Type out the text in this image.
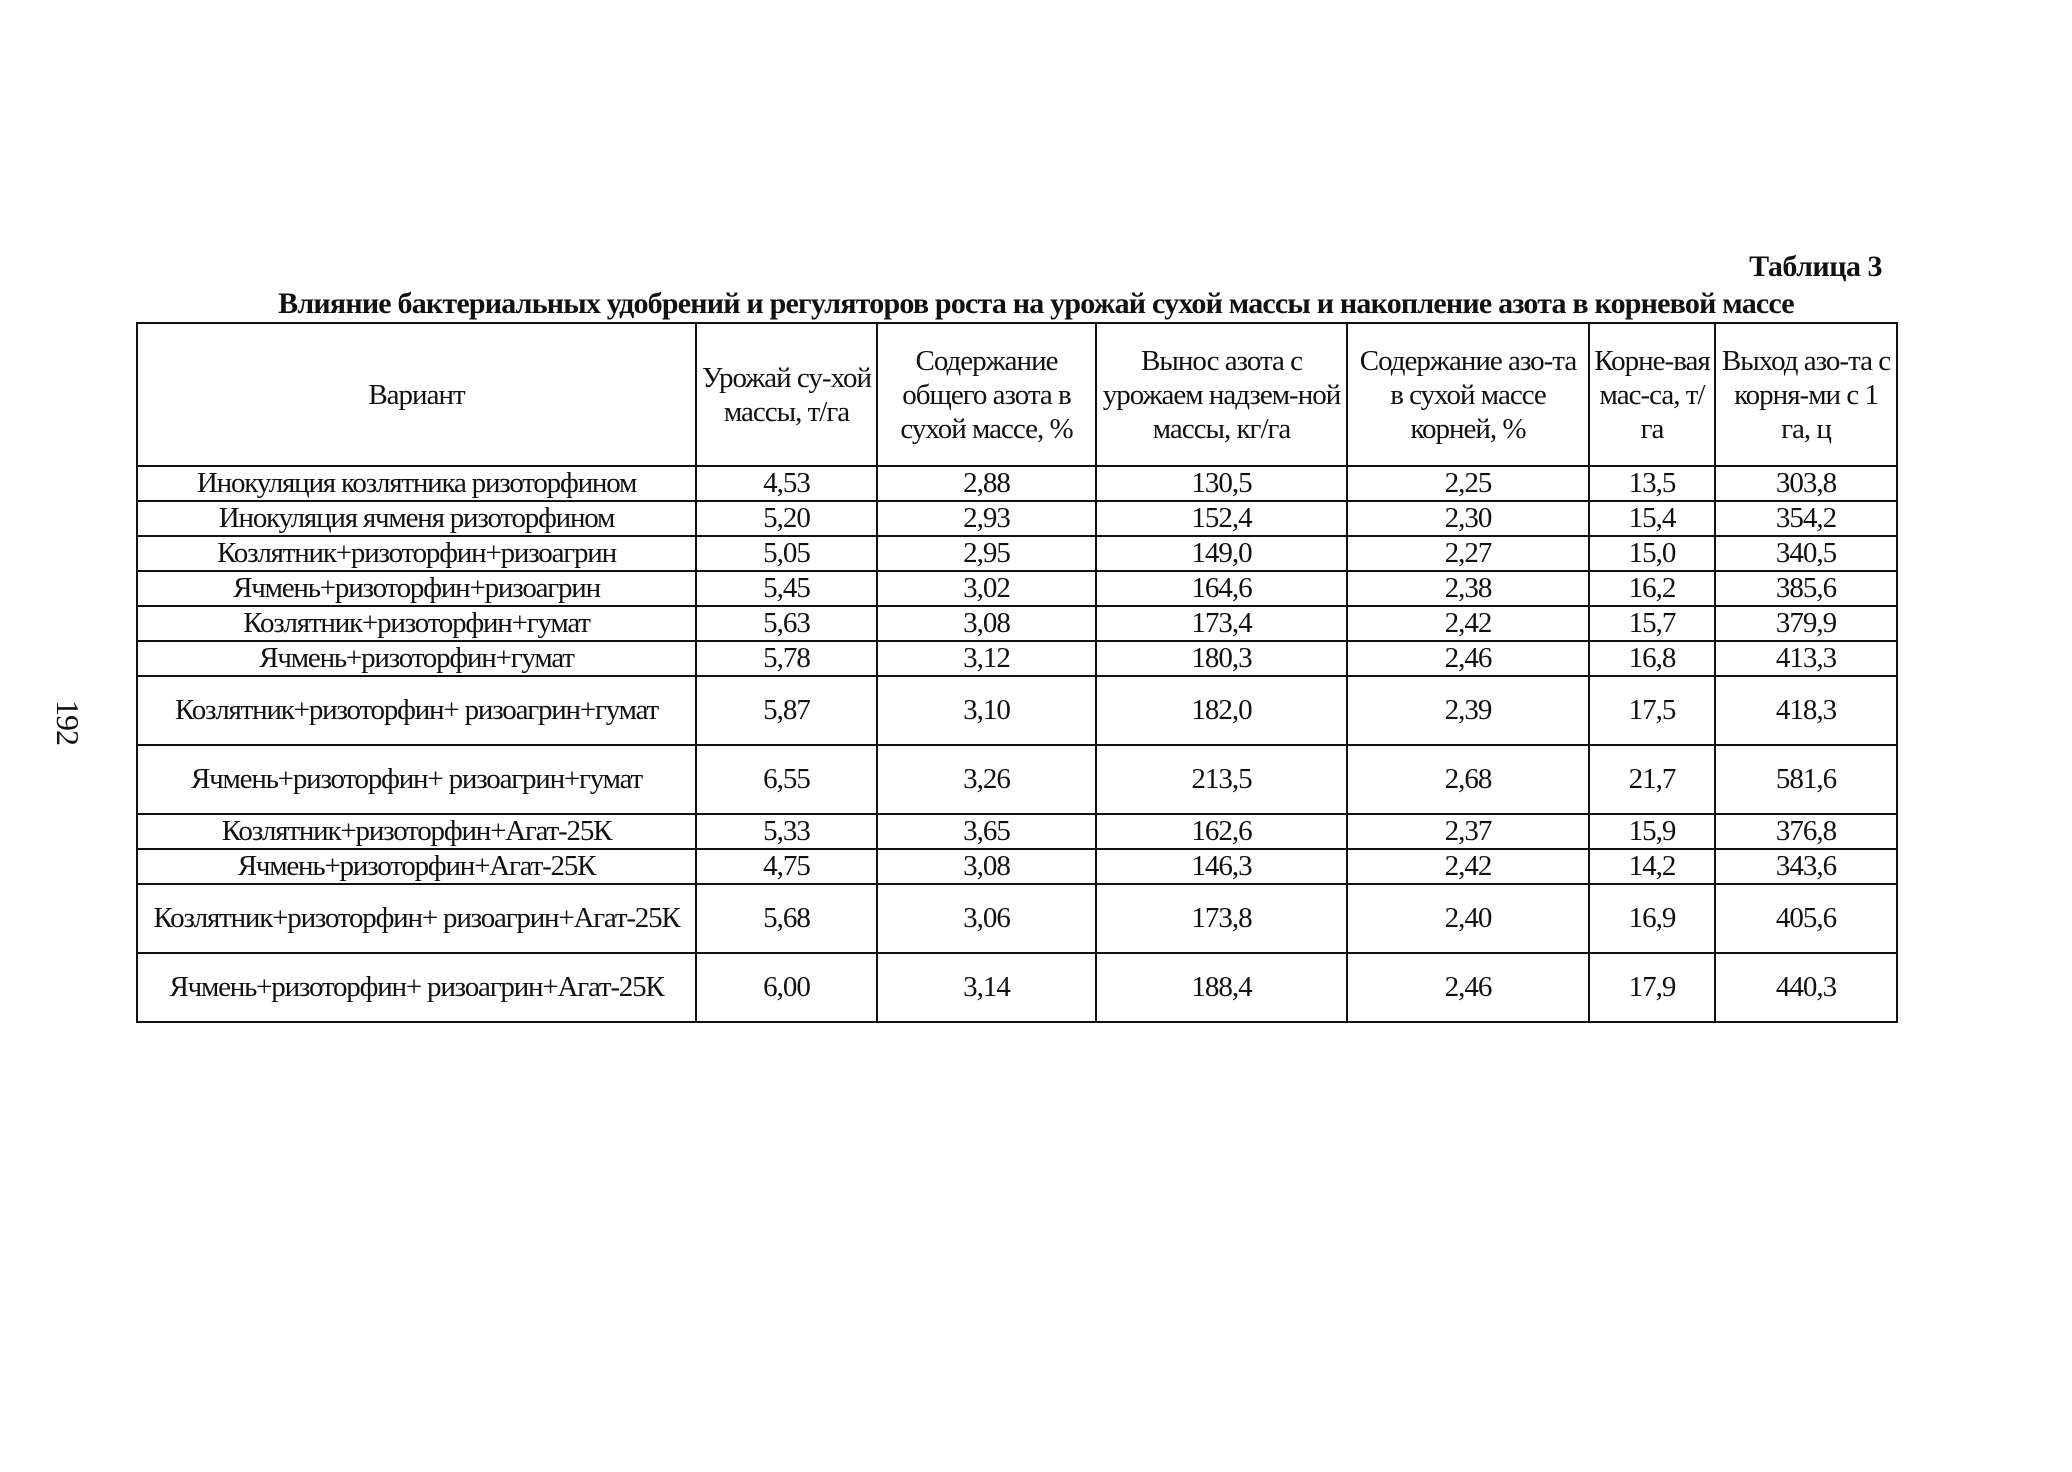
Таблица 3
Влияние бактериальных удобрений и регуляторов роста на урожай сухой массы и накопление азота в корневой массе
192
Вариант	Урожай су-хой массы, т/га	Содержание общего азота в сухой массе, %	Вынос азота с урожаем надзем-ной массы, кг/га	Содержание азо-та в сухой массе корней, %	Корне-вая мас-са, т/га	Выход азо-та с корня-ми с 1 га, ц
Инокуляция козлятника ризоторфином	4,53	2,88	130,5	2,25	13,5	303,8
Инокуляция ячменя ризоторфином	5,20	2,93	152,4	2,30	15,4	354,2
Козлятник+ризоторфин+ризоагрин	5,05	2,95	149,0	2,27	15,0	340,5
Ячмень+ризоторфин+ризоагрин	5,45	3,02	164,6	2,38	16,2	385,6
Козлятник+ризоторфин+гумат	5,63	3,08	173,4	2,42	15,7	379,9
Ячмень+ризоторфин+гумат	5,78	3,12	180,3	2,46	16,8	413,3
Козлятник+ризоторфин+ ризоагрин+гумат	5,87	3,10	182,0	2,39	17,5	418,3
Ячмень+ризоторфин+ ризоагрин+гумат	6,55	3,26	213,5	2,68	21,7	581,6
Козлятник+ризоторфин+Агат-25К	5,33	3,65	162,6	2,37	15,9	376,8
Ячмень+ризоторфин+Агат-25К	4,75	3,08	146,3	2,42	14,2	343,6
Козлятник+ризоторфин+ ризоагрин+Агат-25К	5,68	3,06	173,8	2,40	16,9	405,6
Ячмень+ризоторфин+ ризоагрин+Агат-25К	6,00	3,14	188,4	2,46	17,9	440,3
